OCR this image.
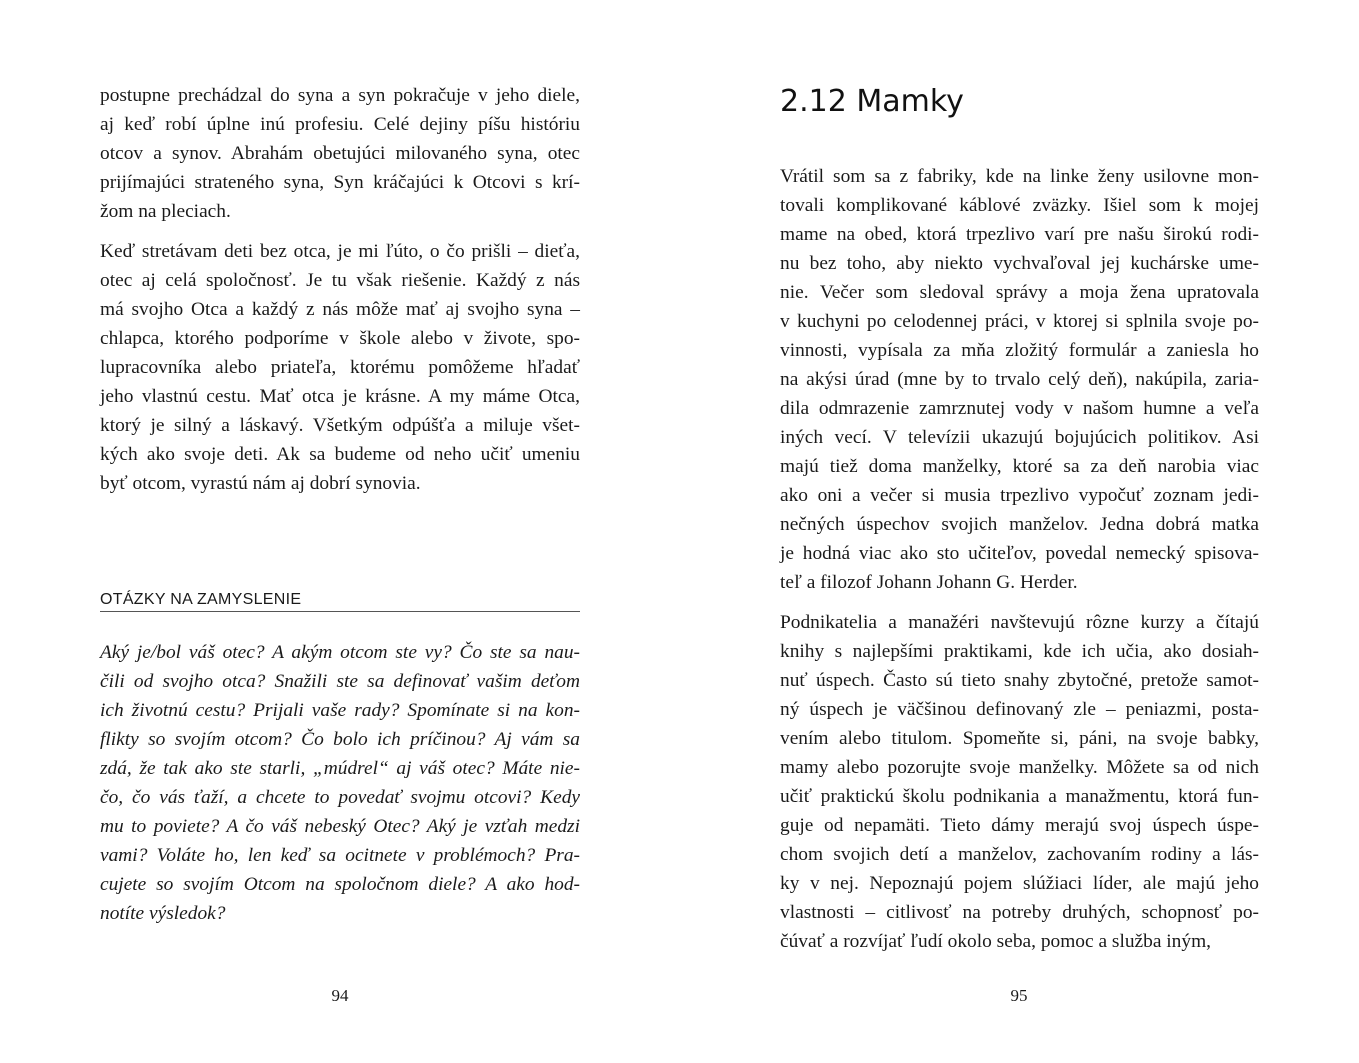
postupne prechádzal do syna a syn pokračuje v jeho diele,
aj keď robí úplne inú profesiu. Celé dejiny píšu históriu
otcov a synov. Abrahám obetujúci milovaného syna, otec
prijímajúci strateného syna, Syn kráčajúci k Otcovi s krí-
žom na pleciach.
Keď stretávam deti bez otca, je mi ľúto, o čo prišli – dieťa,
otec aj celá spoločnosť. Je tu však riešenie. Každý z nás
má svojho Otca a každý z nás môže mať aj svojho syna –
chlapca, ktorého podporíme v škole alebo v živote, spo-
lupracovníka alebo priateľa, ktorému pomôžeme hľadať
jeho vlastnú cestu. Mať otca je krásne. A my máme Otca,
ktorý je silný a láskavý. Všetkým odpúšťa a miluje všet-
kých ako svoje deti. Ak sa budeme od neho učiť umeniu
byť otcom, vyrastú nám aj dobrí synovia.
OTÁZKY NA ZAMYSLENIE
Aký je/bol váš otec? A akým otcom ste vy? Čo ste sa nau-
čili od svojho otca? Snažili ste sa definovať vašim deťom
ich životnú cestu? Prijali vaše rady? Spomínate si na kon-
flikty so svojím otcom? Čo bolo ich príčinou? Aj vám sa
zdá, že tak ako ste starli, „múdrel“ aj váš otec? Máte nie-
čo, čo vás ťaží, a chcete to povedať svojmu otcovi? Kedy
mu to poviete? A čo váš nebeský Otec? Aký je vzťah medzi
vami? Voláte ho, len keď sa ocitnete v problémoch? Pra-
cujete so svojím Otcom na spoločnom diele? A ako hod-
notíte výsledok?
94
2.12 Mamky
Vrátil som sa z fabriky, kde na linke ženy usilovne mon-
tovali komplikované káblové zväzky. Išiel som k mojej
mame na obed, ktorá trpezlivo varí pre našu širokú rodi-
nu bez toho, aby niekto vychvaľoval jej kuchárske ume-
nie. Večer som sledoval správy a moja žena upratovala
v kuchyni po celodennej práci, v ktorej si splnila svoje po-
vinnosti, vypísala za mňa zložitý formulár a zaniesla ho
na akýsi úrad (mne by to trvalo celý deň), nakúpila, zaria-
dila odmrazenie zamrznutej vody v našom humne a veľa
iných vecí. V televízii ukazujú bojujúcich politikov. Asi
majú tiež doma manželky, ktoré sa za deň narobia viac
ako oni a večer si musia trpezlivo vypočuť zoznam jedi-
nečných úspechov svojich manželov. Jedna dobrá matka
je hodná viac ako sto učiteľov, povedal nemecký spisova-
teľ a filozof Johann Johann G. Herder.
Podnikatelia a manažéri navštevujú rôzne kurzy a čítajú
knihy s najlepšími praktikami, kde ich učia, ako dosiah-
nuť úspech. Často sú tieto snahy zbytočné, pretože samot-
ný úspech je väčšinou definovaný zle – peniazmi, posta-
vením alebo titulom. Spomeňte si, páni, na svoje babky,
mamy alebo pozorujte svoje manželky. Môžete sa od nich
učiť praktickú školu podnikania a manažmentu, ktorá fun-
guje od nepamäti. Tieto dámy merajú svoj úspech úspe-
chom svojich detí a manželov, zachovaním rodiny a lás-
ky v nej. Nepoznajú pojem slúžiaci líder, ale majú jeho
vlastnosti – citlivosť na potreby druhých, schopnosť po-
čúvať a rozvíjať ľudí okolo seba, pomoc a služba iným,
95
